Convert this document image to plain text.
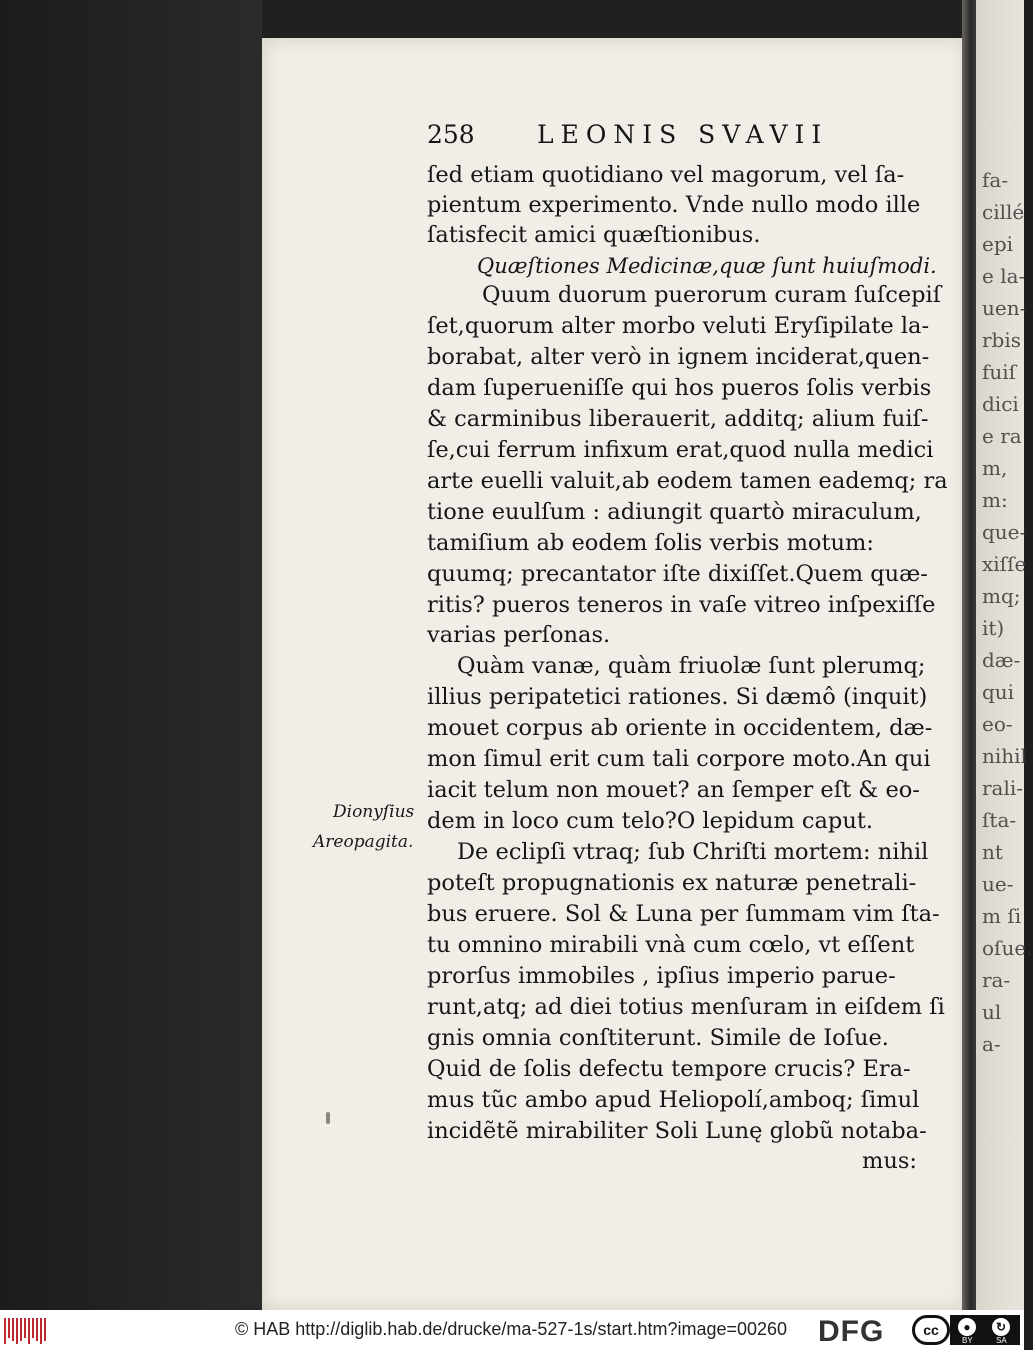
fa-
cillé
epi
e la-
uen-
rbis
fuiſ
dici
e ra
m,
m:
que-
xiſſe
mq;
it)
dæ-
qui
eo-
nihil
rali-
ſta-
nt
ue-
m ſi
oſue.
ra-
ul
a-
258 LEONIS SVAVII
ſed etiam quotidiano vel magorum, vel ſa-
pientum experimento. Vnde nullo modo ille
ſatisfecit amici quæſtionibus.
Quæſtiones Medicinæ,quæ ſunt huiuſmodi.
Quum duorum puerorum curam ſuſcepiſ
ſet,quorum alter morbo veluti Eryſipilate la-
borabat, alter verò in ignem inciderat,quen-
dam ſuperueniſſe qui hos pueros ſolis verbis
& carminibus liberauerit, additq; alium fuiſ-
ſe,cui ferrum infixum erat,quod nulla medici
arte euelli valuit,ab eodem tamen eademq; ra
tione euulſum : adiungit quartò miraculum,
tamiſium ab eodem ſolis verbis motum:
quumq; precantator iſte dixiſſet.Quem quæ-
ritis? pueros teneros in vaſe vitreo inſpexiſſe
varias perſonas.
Quàm vanæ, quàm friuolæ ſunt plerumq;
illius peripatetici rationes. Si dæmô (inquit)
mouet corpus ab oriente in occidentem, dæ-
mon ſimul erit cum tali corpore moto.An qui
iacit telum non mouet? an ſemper eſt & eo-
dem in loco cum telo?O lepidum caput.
De eclipſi vtraq; ſub Chriſti mortem: nihil
poteſt propugnationis ex naturæ penetrali-
bus eruere. Sol & Luna per ſummam vim ſta-
tu omnino mirabili vnà cum cœlo, vt eſſent
prorſus immobiles , ipſius imperio parue-
runt,atq; ad diei totius menſuram in eiſdem ſi
gnis omnia conſtiterunt. Simile de Ioſue.
Quid de ſolis defectu tempore crucis? Era-
mus tũc ambo apud Heliopolí,amboq; ſimul
incidẽtẽ mirabiliter Soli Lunę globũ notaba-
mus:
Dionyſius
Areopagita.
© HAB http://diglib.hab.de/drucke/ma-527-1s/start.htm?image=00260 DFG	cc	●
BY
↻
SA
